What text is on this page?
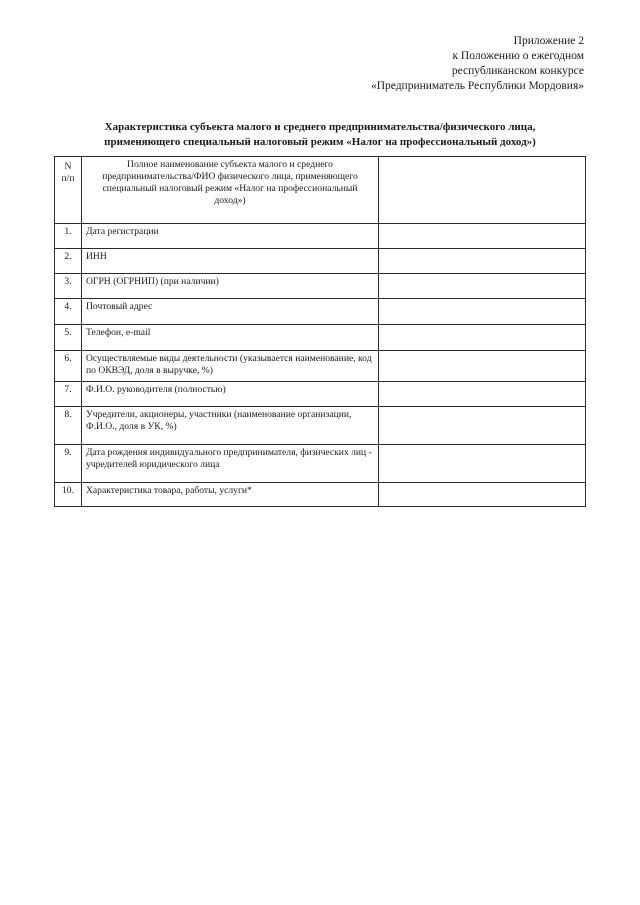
Приложение 2
к Положению о ежегодном
республиканском конкурсе
«Предприниматель Республики Мордовия»
Характеристика субъекта малого и среднего предпринимательства/физического лица,
применяющего специальный налоговый режим «Налог на профессиональный доход»)
N
п/п	Полное наименование субъекта малого и среднего предпринимательства/ФИО физического лица, применяющего специальный налоговый режим «Налог на профессиональный доход»)	
1.	Дата регистрации	
2.	ИНН	
3.	ОГРН (ОГРНИП) (при наличии)	
4.	Почтовый адрес	
5.	Телефон, e-mail	
6.	Осуществляемые виды деятельности (указывается наименование, код по ОКВЭД, доля в выручке, %)	
7.	Ф.И.О. руководителя (полностью)	
8.	Учредители, акционеры, участники (наименование организации, Ф.И.О., доля в УК, %)	
9.	Дата рождения индивидуального предпринимателя, физических лиц - учредителей юридического лица	
10.	Характеристика товара, работы, услуги*	
